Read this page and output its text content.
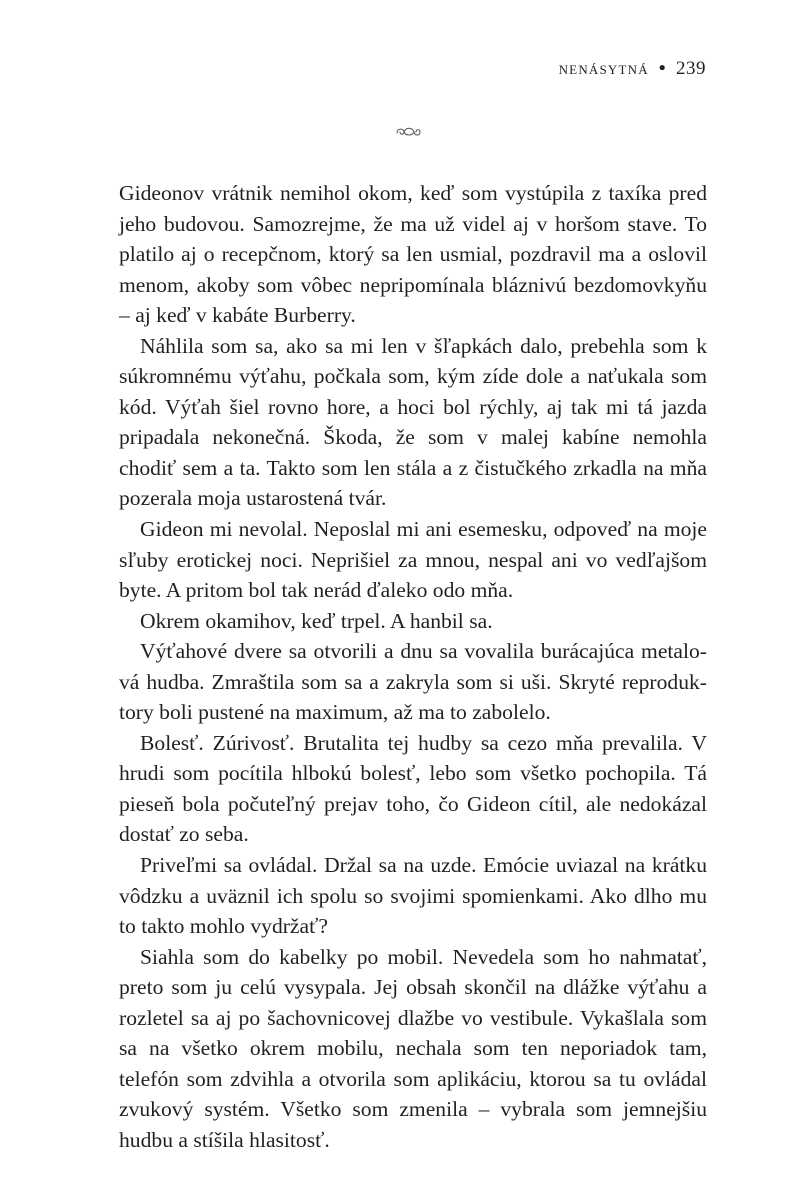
nenásytná • 239

Gideonov vrátnik nemihol okom, keď som vystúpila z taxíka pred jeho budovou. Samozrejme, že ma už videl aj v horšom stave. To platilo aj o recepčnom, ktorý sa len usmial, pozdravil ma a oslovil menom, akoby som vôbec nepripomínala bláznivú bezdomovkyňu – aj keď v kabáte Burberry.

Náhlila som sa, ako sa mi len v šľapkách dalo, prebehla som k súkromnému výťahu, počkala som, kým zíde dole a naťukala som kód. Výťah šiel rovno hore, a hoci bol rýchly, aj tak mi tá jazda pripadala nekonečná. Škoda, že som v malej kabíne nemohla chodiť sem a ta. Takto som len stála a z čistučkého zrkadla na mňa pozerala moja ustarostená tvár.

Gideon mi nevolal. Neposlal mi ani esemesku, odpoveď na moje sľuby erotickej noci. Neprišiel za mnou, nespal ani vo vedľajšom byte. A pritom bol tak nerád ďaleko odo mňa.

Okrem okamihov, keď trpel. A hanbil sa.

Výťahové dvere sa otvorili a dnu sa vovalila burácajúca metalová hudba. Zmraštila som sa a zakryla som si uši. Skryté reproduktory boli pustené na maximum, až ma to zabolelo.

Bolesť. Zúrivosť. Brutalita tej hudby sa cezo mňa prevalila. V hrudi som pocítila hlbokú bolesť, lebo som všetko pochopila. Tá pieseň bola počuteľný prejav toho, čo Gideon cítil, ale nedokázal dostať zo seba.

Priveľmi sa ovládal. Držal sa na uzde. Emócie uviazal na krátku vôdzku a uväznil ich spolu so svojimi spomienkami. Ako dlho mu to takto mohlo vydržať?

Siahla som do kabelky po mobil. Nevedela som ho nahmatať, preto som ju celú vysypala. Jej obsah skončil na dlážke výťahu a rozletel sa aj po šachovnicovej dlažbe vo vestibule. Vykašlala som sa na všetko okrem mobilu, nechala som ten neporiadok tam, telefón som zdvihla a otvorila som aplikáciu, ktorou sa tu ovládal zvukový systém. Všetko som zmenila – vybrala som jemnejšiu hudbu a stíšila hlasitosť.
